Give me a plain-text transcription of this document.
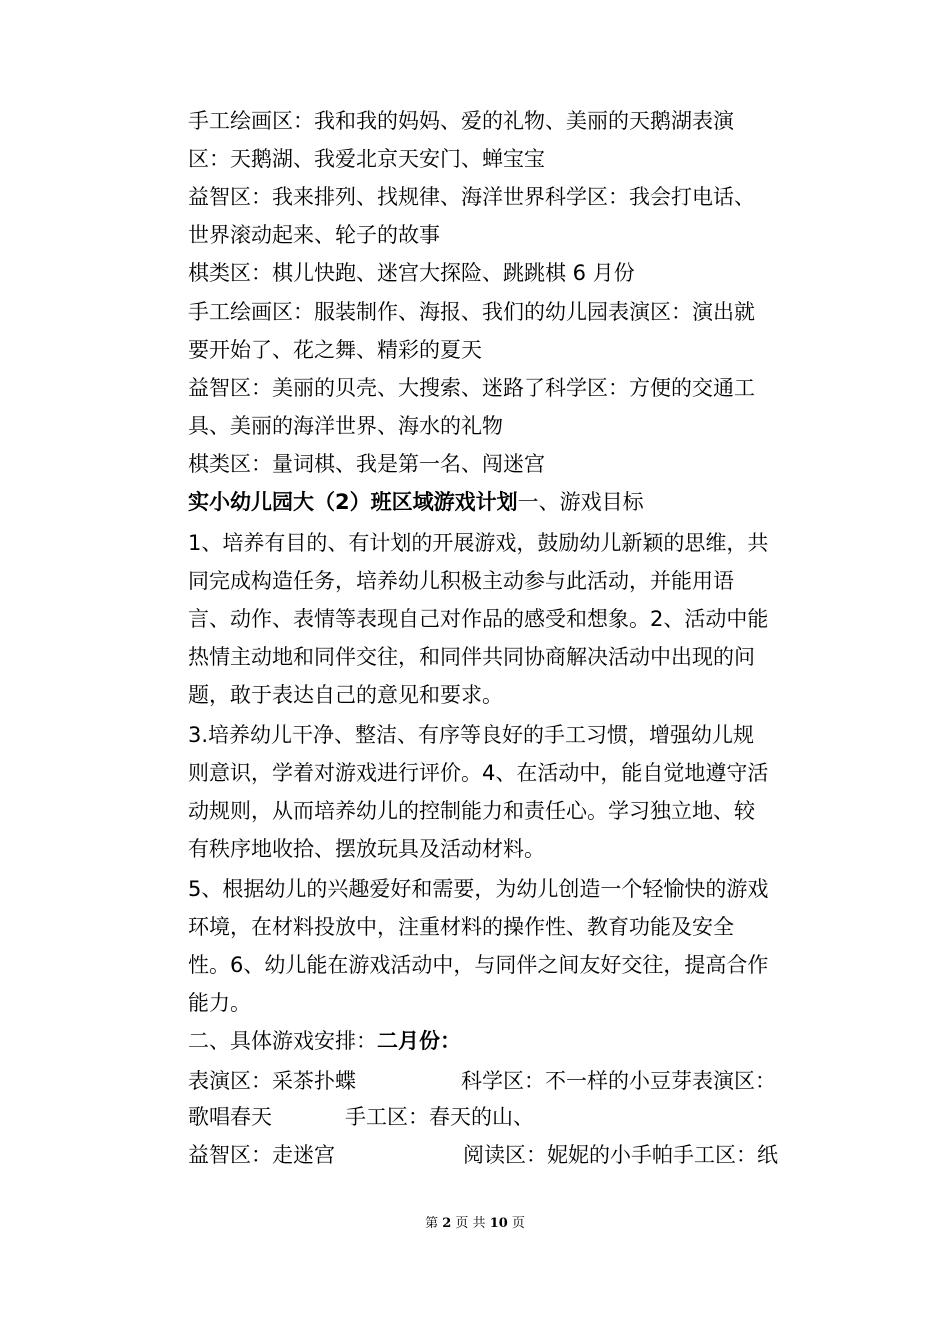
手工绘画区：我和我的妈妈、爱的礼物、美丽的天鹅湖表演
区：天鹅湖、我爱北京天安门、蝉宝宝
益智区：我来排列、找规律、海洋世界科学区：我会打电话、
世界滚动起来、轮子的故事
棋类区：棋儿快跑、迷宫大探险、跳跳棋 6 月份
手工绘画区：服装制作、海报、我们的幼儿园表演区：演出就
要开始了、花之舞、精彩的夏天
益智区：美丽的贝壳、大搜索、迷路了科学区：方便的交通工
具、美丽的海洋世界、海水的礼物
棋类区：量词棋、我是第一名、闯迷宫
实小幼儿园大（2）班区域游戏计划一、游戏目标
1、培养有目的、有计划的开展游戏，鼓励幼儿新颖的思维，共
同完成构造任务，培养幼儿积极主动参与此活动，并能用语
言、动作、表情等表现自己对作品的感受和想象。2、活动中能
热情主动地和同伴交往，和同伴共同协商解决活动中出现的问
题，敢于表达自己的意见和要求。
3.培养幼儿干净、整洁、有序等良好的手工习惯，增强幼儿规
则意识，学着对游戏进行评价。4、在活动中，能自觉地遵守活
动规则，从而培养幼儿的控制能力和责任心。学习独立地、较
有秩序地收拾、摆放玩具及活动材料。
5、根据幼儿的兴趣爱好和需要，为幼儿创造一个轻愉快的游戏
环境，在材料投放中，注重材料的操作性、教育功能及安全
性。6、幼儿能在游戏活动中，与同伴之间友好交往，提高合作
能力。
二、具体游戏安排：二月份：
表演区：采茶扑蝶	科学区：不一样的小豆芽表演区：
歌唱春天	手工区：春天的山、
益智区：走迷宫	阅读区：妮妮的小手帕手工区：纸
第 2 页 共 10 页
